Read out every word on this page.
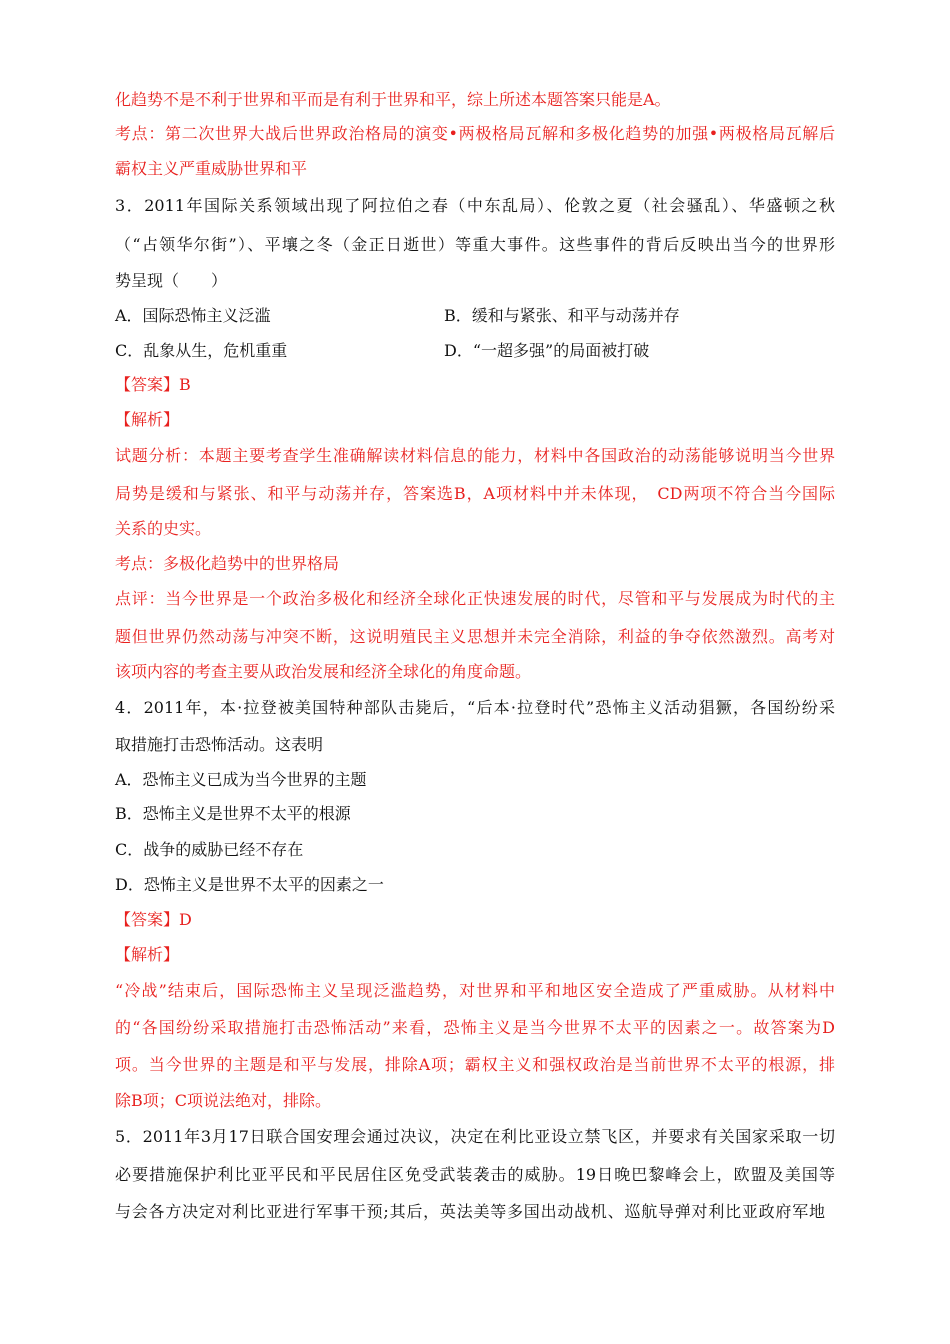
化趋势不是不利于世界和平而是有利于世界和平，综上所述本题答案只能是A。
考点：第二次世界大战后世界政治格局的演变•两极格局瓦解和多极化趋势的加强•两极格局瓦解后
霸权主义严重威胁世界和平
3．2011年国际关系领域出现了阿拉伯之春（中东乱局）、伦敦之夏（社会骚乱）、华盛顿之秋
（“占领华尔街”）、平壤之冬（金正日逝世）等重大事件。这些事件的背后反映出当今的世界形
势呈现（　　）
A．国际恐怖主义泛滥	B．缓和与紧张、和平与动荡并存
C．乱象从生，危机重重	D．“一超多强”的局面被打破
【答案】B
【解析】
试题分析：本题主要考查学生准确解读材料信息的能力，材料中各国政治的动荡能够说明当今世界
局势是缓和与紧张、和平与动荡并存，答案选B，A项材料中并未体现，　CD两项不符合当今国际
关系的史实。
考点：多极化趋势中的世界格局
点评：当今世界是一个政治多极化和经济全球化正快速发展的时代，尽管和平与发展成为时代的主
题但世界仍然动荡与冲突不断，这说明殖民主义思想并未完全消除，利益的争夺依然激烈。高考对
该项内容的考查主要从政治发展和经济全球化的角度命题。
4．2011年，本·拉登被美国特种部队击毙后，“后本·拉登时代”恐怖主义活动猖獗，各国纷纷采
取措施打击恐怖活动。这表明
A．恐怖主义已成为当今世界的主题
B．恐怖主义是世界不太平的根源
C．战争的威胁已经不存在
D．恐怖主义是世界不太平的因素之一
【答案】D
【解析】
“冷战”结束后，国际恐怖主义呈现泛滥趋势，对世界和平和地区安全造成了严重威胁。从材料中
的“各国纷纷采取措施打击恐怖活动”来看，恐怖主义是当今世界不太平的因素之一。故答案为D
项。当今世界的主题是和平与发展，排除A项；霸权主义和强权政治是当前世界不太平的根源，排
除B项；C项说法绝对，排除。
5．2011年3月17日联合国安理会通过决议，决定在利比亚设立禁飞区，并要求有关国家采取一切
必要措施保护利比亚平民和平民居住区免受武装袭击的威胁。19日晚巴黎峰会上，欧盟及美国等
与会各方决定对利比亚进行军事干预;其后，英法美等多国出动战机、巡航导弹对利比亚政府军地
